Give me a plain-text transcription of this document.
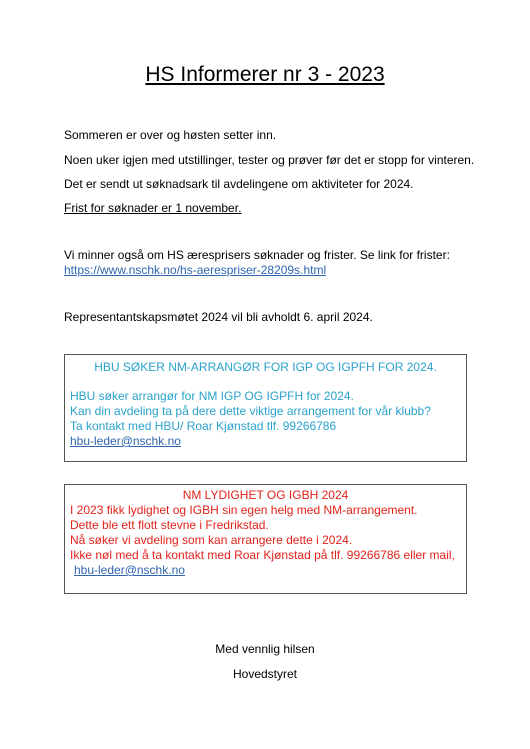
HS Informerer nr 3 - 2023
Sommeren er over og høsten setter inn.
Noen uker igjen med utstillinger, tester og prøver før det er stopp for vinteren.
Det er sendt ut søknadsark til avdelingene om aktiviteter for 2024.
Frist for søknader er 1 november.
Vi minner også om HS æresprisers søknader og frister. Se link for frister:
https://www.nschk.no/hs-aerespriser-28209s.html
Representantskapsmøtet 2024 vil bli avholdt 6. april 2024.
HBU SØKER NM-ARRANGØR FOR IGP OG IGPFH FOR 2024.
HBU søker arrangør for NM IGP OG IGPFH for 2024.
Kan din avdeling ta på dere dette viktige arrangement for vår klubb?
Ta kontakt med HBU/ Roar Kjønstad tlf. 99266786
hbu-leder@nschk.no
NM LYDIGHET OG IGBH 2024
I 2023 fikk lydighet og IGBH sin egen helg med NM-arrangement.
Dette ble ett flott stevne i Fredrikstad.
Nå søker vi avdeling som kan arrangere dette i 2024.
Ikke nøl med å ta kontakt med Roar Kjønstad på tlf. 99266786 eller mail,
hbu-leder@nschk.no
Med vennlig hilsen
Hovedstyret
